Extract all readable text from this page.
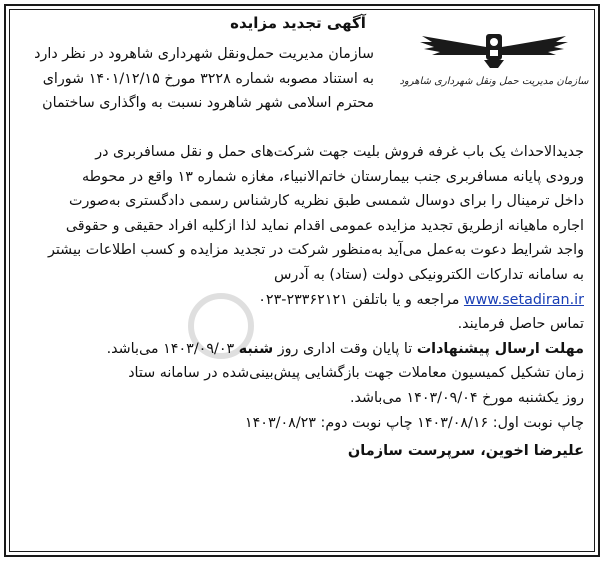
آگهی تجدید مزایده
سازمان مدیریت حمل ونقل شهرداری شاهرود
سازمان مدیریت حمل‌ونقل شهرداری شاهرود در نظر دارد
به استناد مصوبه شماره ۳۲۲۸ مورخ ۱۴۰۱/۱۲/۱۵ شورای
محترم اسلامی شهر شاهرود نسبت به واگذاری ساختمان
جدیدالاحداث یک باب غرفه فروش بلیت جهت شرکت‌های حمل و نقل مسافربری در
ورودی پایانه مسافربری جنب بیمارستان خاتم‌الانبیاء، مغازه شماره ۱۳ واقع در محوطه
داخل ترمینال را برای دوسال شمسی طبق نظریه کارشناس رسمی دادگستری به‌صورت
اجاره ماهیانه ازطریق تجدید مزایده عمومی اقدام نماید لذا ازکلیه افراد حقیقی و حقوقی
واجد شرایط دعوت به‌عمل می‌آید به‌منظور شرکت در تجدید مزایده و کسب اطلاعات بیشتر
به سامانه تدارکات الکترونیکی دولت (ستاد) به آدرس
www.setadiran.ir مراجعه و یا باتلفن ۲۳۳۶۲۱۲۱-۰۲۳
تماس حاصل فرمایند.
مهلت ارسال پیشنهادات تا پایان وقت اداری روز شنبه ۱۴۰۳/۰۹/۰۳ می‌باشد.
زمان تشکیل کمیسیون معاملات جهت بازگشایی پیش‌بینی‌شده در سامانه ستاد
روز یکشنبه مورخ ۱۴۰۳/۰۹/۰۴ می‌باشد.
چاپ نوبت اول: ۱۴۰۳/۰۸/۱۶ چاپ نوبت دوم: ۱۴۰۳/۰۸/۲۳
علیرضا اخوین، سرپرست سازمان
